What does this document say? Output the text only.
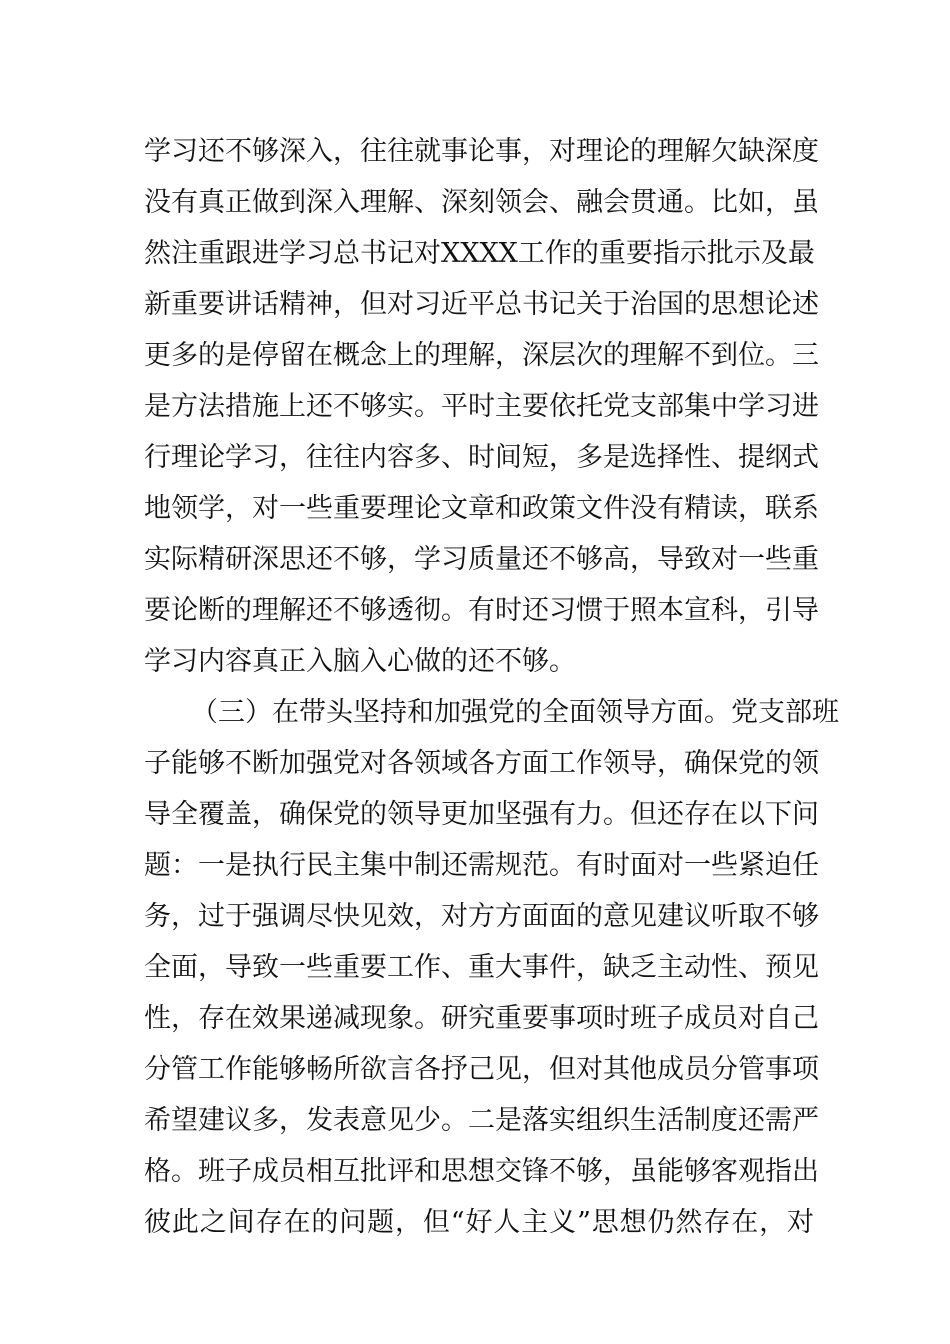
学习还不够深入，往往就事论事，对理论的理解欠缺深度
没有真正做到深入理解、深刻领会、融会贯通。比如，虽
然注重跟进学习总书记对XXXX工作的重要指示批示及最
新重要讲话精神，但对习近平总书记关于治国的思想论述
更多的是停留在概念上的理解，深层次的理解不到位。三
是方法措施上还不够实。平时主要依托党支部集中学习进
行理论学习，往往内容多、时间短，多是选择性、提纲式
地领学，对一些重要理论文章和政策文件没有精读，联系
实际精研深思还不够，学习质量还不够高，导致对一些重
要论断的理解还不够透彻。有时还习惯于照本宣科，引导
学习内容真正入脑入心做的还不够。
（三）在带头坚持和加强党的全面领导方面。党支部班
子能够不断加强党对各领域各方面工作领导，确保党的领
导全覆盖，确保党的领导更加坚强有力。但还存在以下问
题：一是执行民主集中制还需规范。有时面对一些紧迫任
务，过于强调尽快见效，对方方面面的意见建议听取不够
全面，导致一些重要工作、重大事件，缺乏主动性、预见
性，存在效果递减现象。研究重要事项时班子成员对自己
分管工作能够畅所欲言各抒己见，但对其他成员分管事项
希望建议多，发表意见少。二是落实组织生活制度还需严
格。班子成员相互批评和思想交锋不够，虽能够客观指出
彼此之间存在的问题，但“好人主义”思想仍然存在，对
